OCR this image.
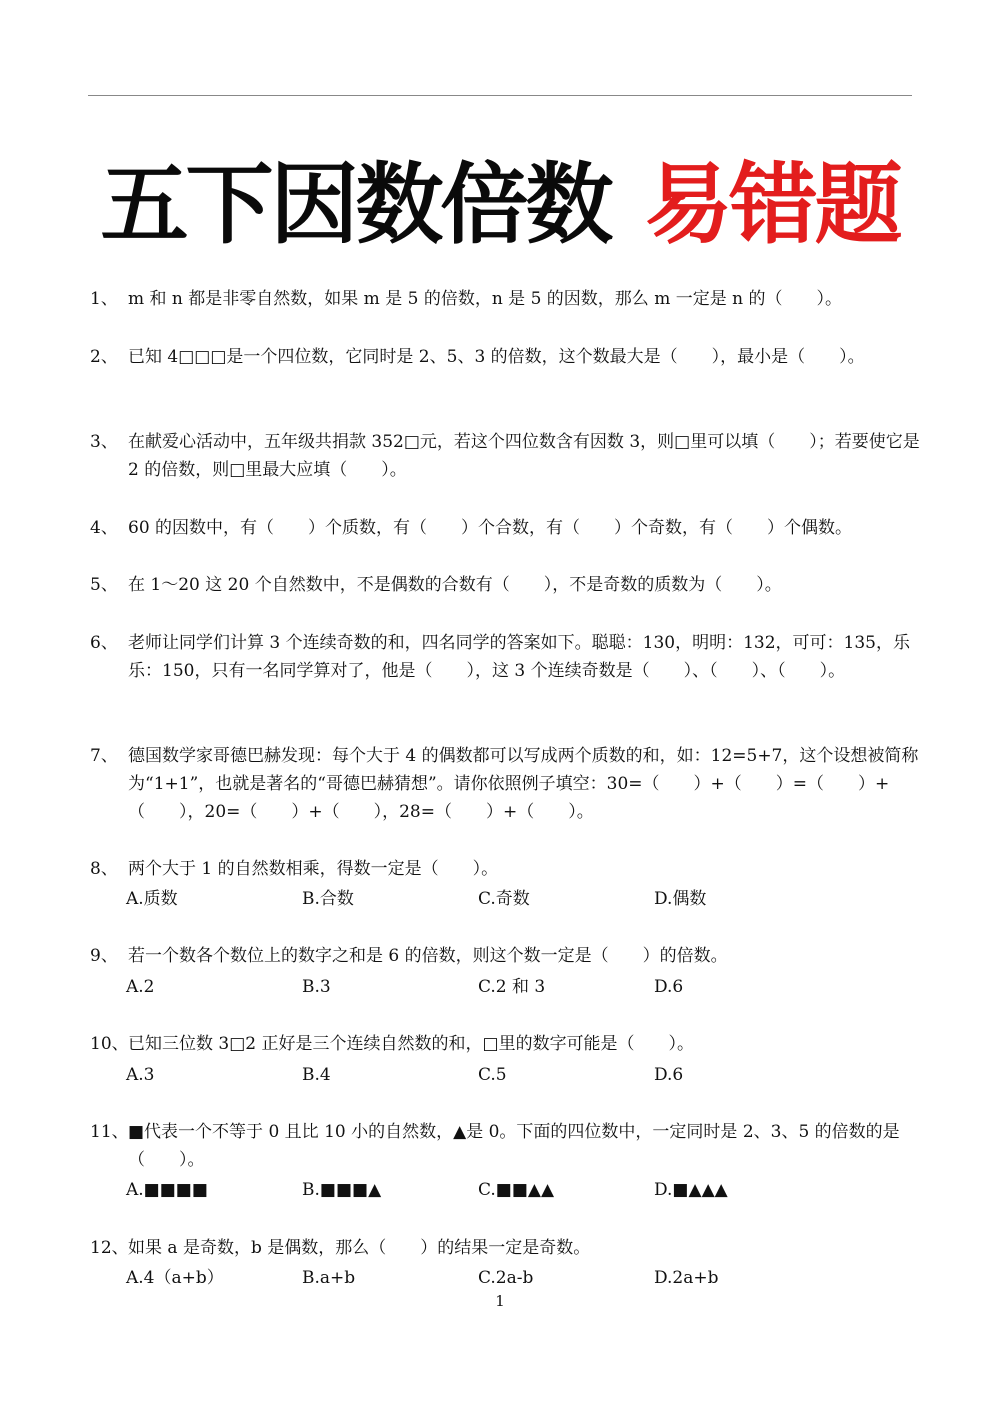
五下因数倍数 易错题
1、 m 和 n 都是非零自然数，如果 m 是 5 的倍数，n 是 5 的因数，那么 m 一定是 n 的（　　）。
2、 已知 4□□□是一个四位数，它同时是 2、5、3 的倍数，这个数最大是（　　），最小是（　　）。
3、 在献爱心活动中，五年级共捐款 352□元，若这个四位数含有因数 3，则□里可以填（　　）；若要使它是 2 的倍数，则□里最大应填（　　）。
4、 60 的因数中，有（　　）个质数，有（　　）个合数，有（　　）个奇数，有（　　）个偶数。
5、 在 1～20 这 20 个自然数中，不是偶数的合数有（　　），不是奇数的质数为（　　）。
6、 老师让同学们计算 3 个连续奇数的和，四名同学的答案如下。聪聪：130，明明：132，可可：135，乐乐：150，只有一名同学算对了，他是（　　），这 3 个连续奇数是（　　）、（　　）、（　　）。
7、 德国数学家哥德巴赫发现：每个大于 4 的偶数都可以写成两个质数的和，如：12=5+7，这个设想被简称为“1+1”，也就是著名的“哥德巴赫猜想”。请你依照例子填空：30=（　　）+（　　）=（　　）+（　　），20=（　　）+（　　），28=（　　）+（　　）。
8、 两个大于 1 的自然数相乘，得数一定是（　　）。
A.质数	B.合数	C.奇数	D.偶数
9、 若一个数各个数位上的数字之和是 6 的倍数，则这个数一定是（　　）的倍数。
A.2	B.3	C.2 和 3	D.6
10、 已知三位数 3□2 正好是三个连续自然数的和，□里的数字可能是（　　）。
A.3	B.4	C.5	D.6
11、 ■代表一个不等于 0 且比 10 小的自然数，▲是 0。下面的四位数中，一定同时是 2、3、5 的倍数的是（　　）。
A.■■■■	B.■■■▲	C.■■▲▲	D.■▲▲▲
12、 如果 a 是奇数，b 是偶数，那么（　　）的结果一定是奇数。
A.4（a+b）	B.a+b	C.2a-b	D.2a+b
1
